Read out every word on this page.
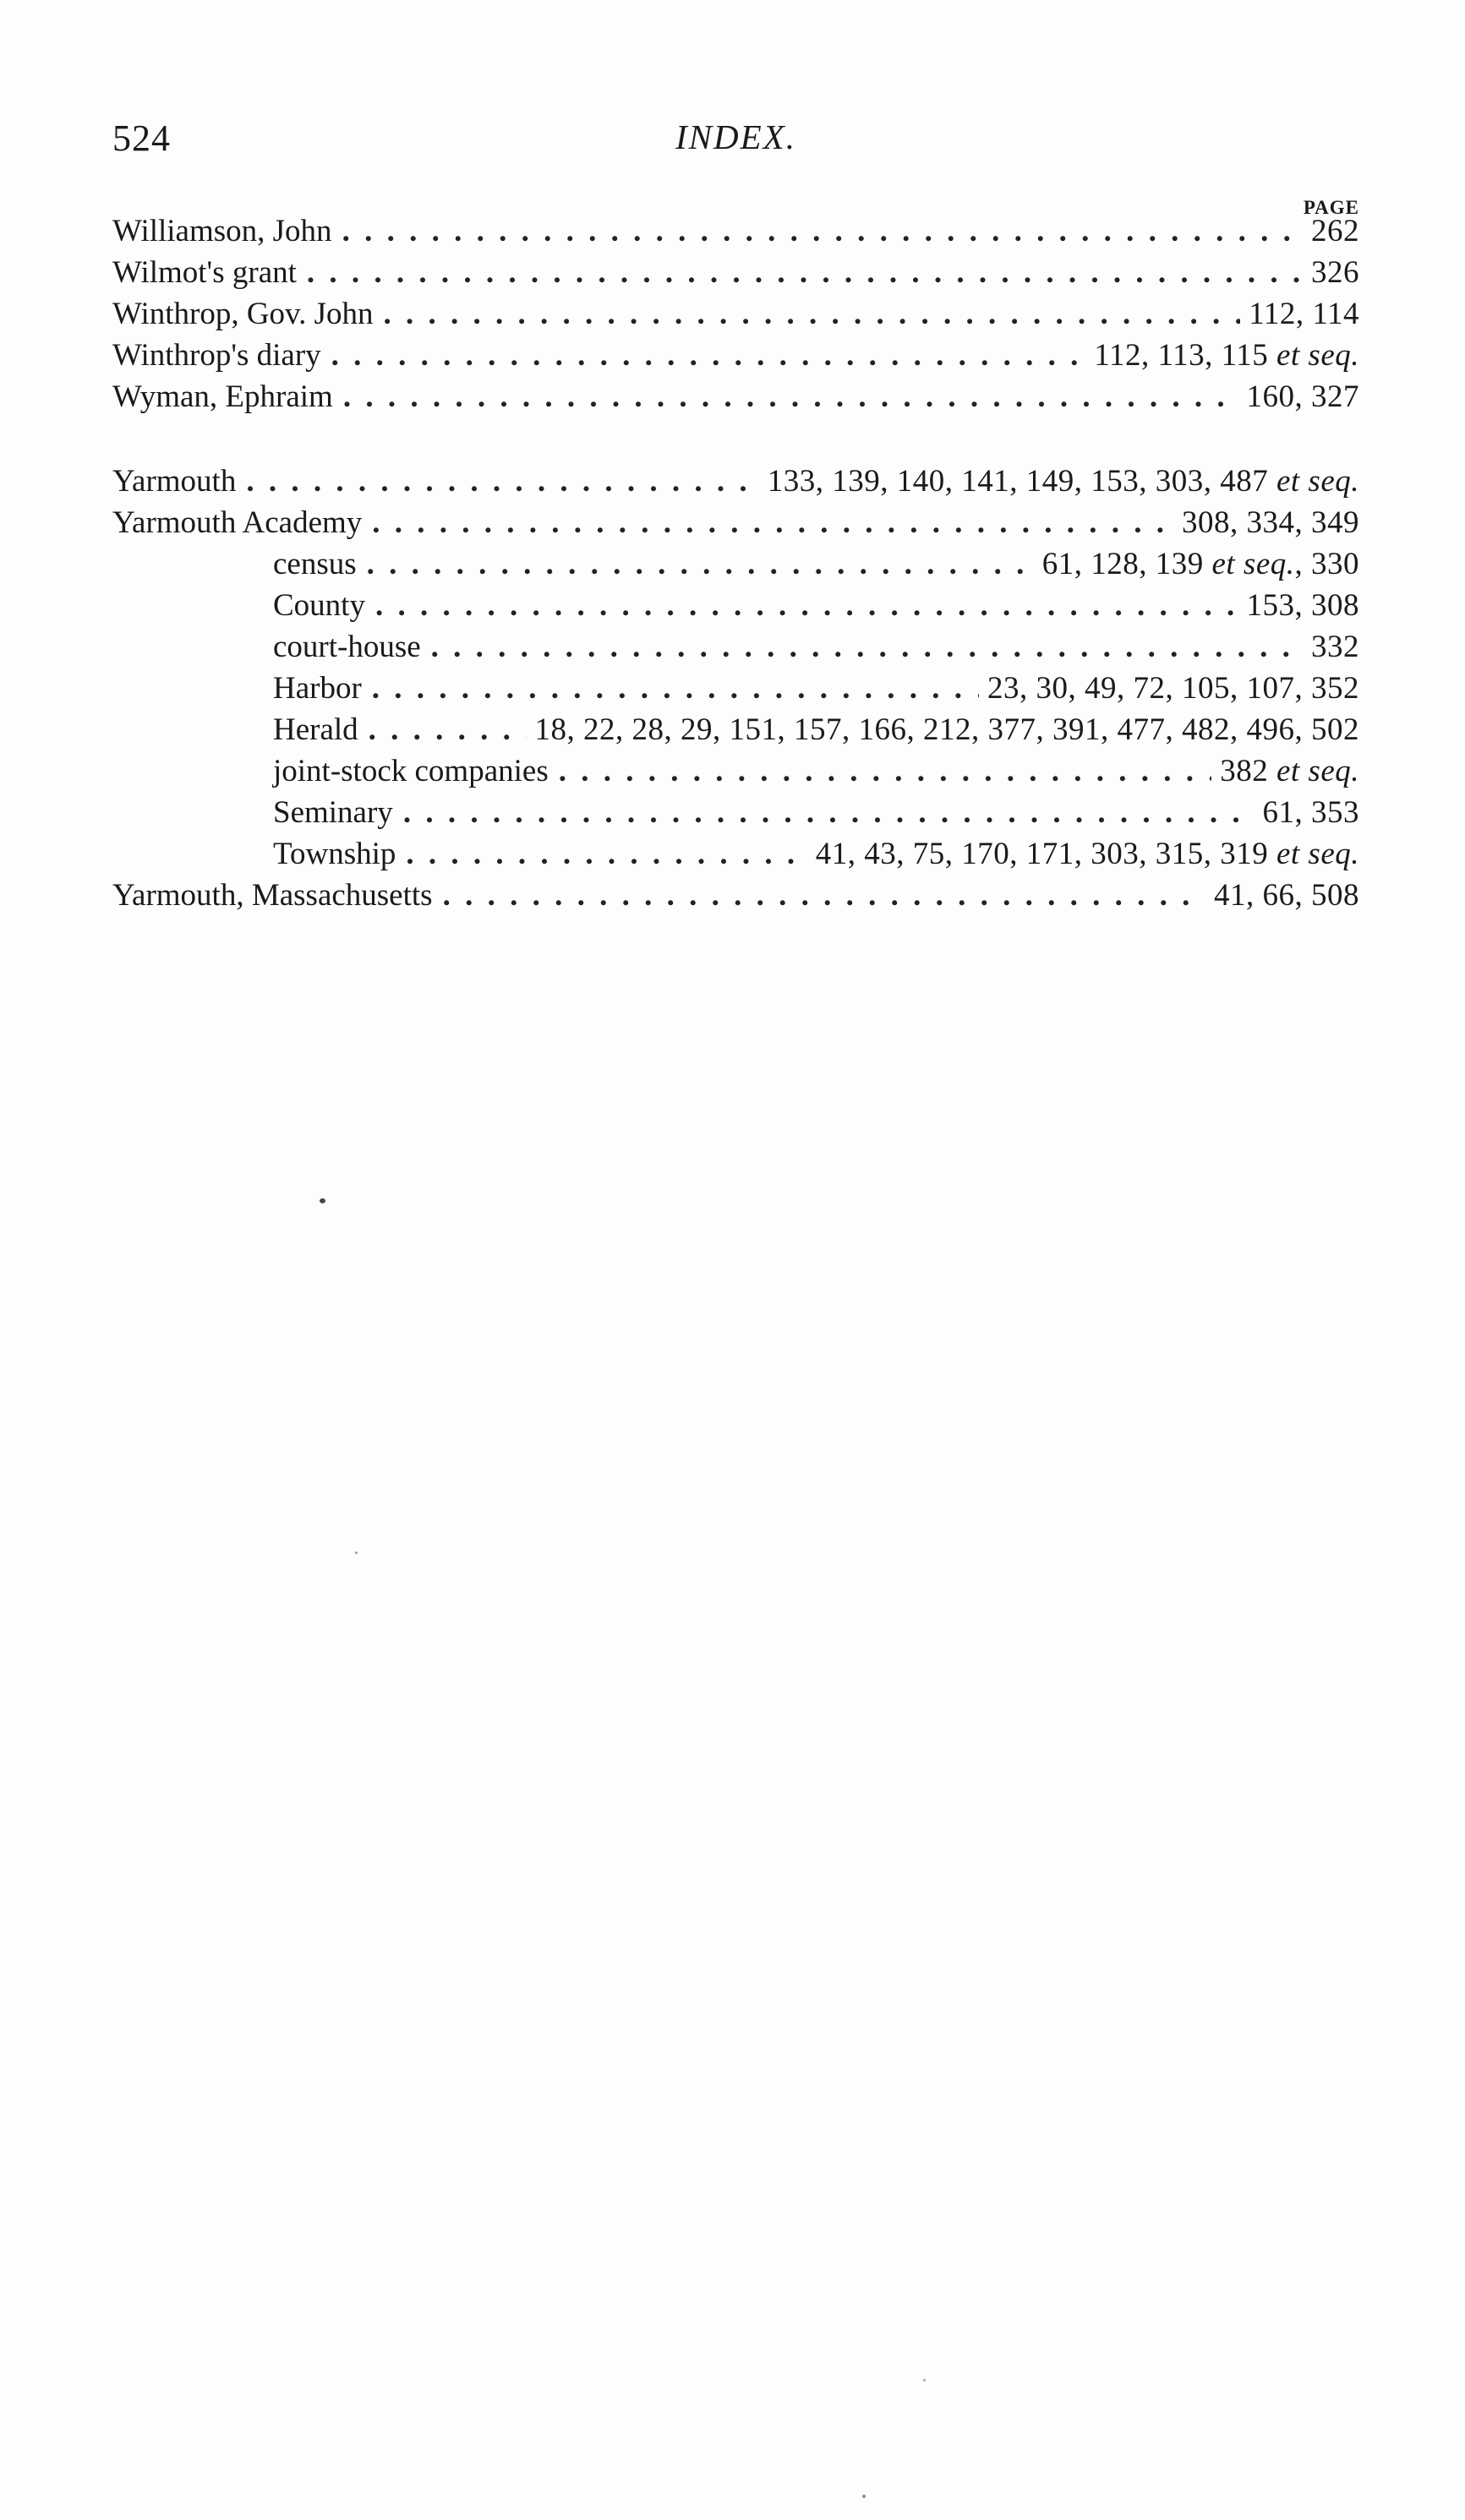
524	INDEX.
PAGE
Williamson, John . . .	262
Wilmot's grant . . .	326
Winthrop, Gov. John . . .	112, 114
Winthrop's diary . . .	112, 113, 115 et seq.
Wyman, Ephraim . . .	160, 327
Yarmouth . . .	133, 139, 140, 141, 149, 153, 303, 487 et seq.
Yarmouth Academy . . .	308, 334, 349
census . . .	61, 128, 139 et seq., 330
County . . .	153, 308
court-house . . .	332
Harbor . . .	23, 30, 49, 72, 105, 107, 352
Herald . . .	18, 22, 28, 29, 151, 157, 166, 212, 377, 391, 477, 482, 496, 502
joint-stock companies . . .	382 et seq.
Seminary . . .	61, 353
Township . . .	41, 43, 75, 170, 171, 303, 315, 319 et seq.
Yarmouth, Massachusetts . . .	41, 66, 508
